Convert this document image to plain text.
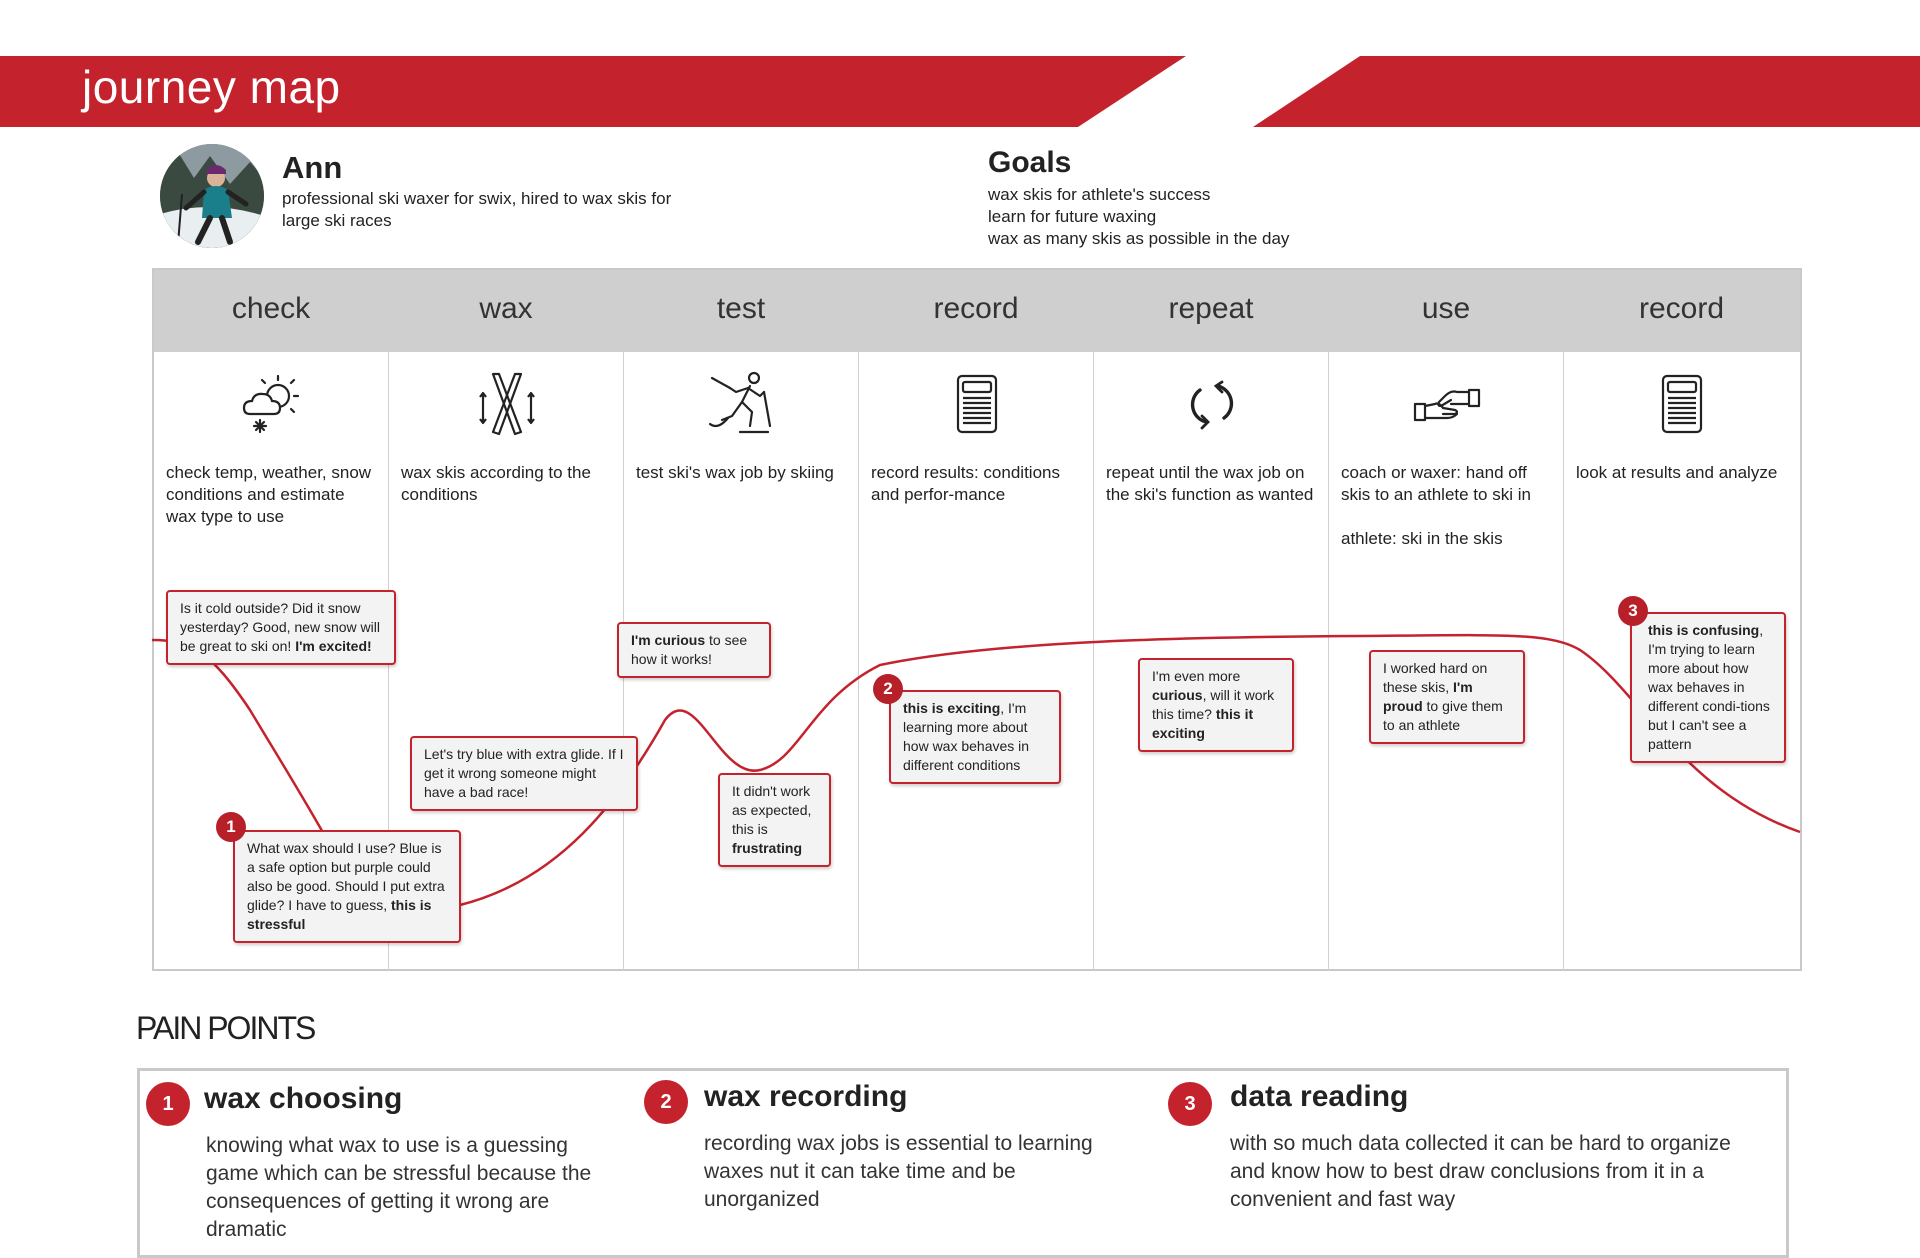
journey map
Ann
professional ski waxer for swix, hired to wax skis for large ski races
Goals
wax skis for athlete's success
learn for future waxing
wax as many skis as possible in the day
check
check temp, weather, snow conditions and estimate wax type to use
wax
wax skis according to the conditions
test
test ski's wax job by skiing
record
record results: conditions and perfor-mance
repeat
repeat until the wax job on the ski's function as wanted
use
coach or waxer: hand off skis to an athlete to ski in

athlete: ski in the skis
record
look at results and analyze
Is it cold outside? Did it snow yesterday? Good, new snow will be great to ski on! I'm excited!
What wax should I use? Blue is a safe option but purple could also be good. Should I put extra glide? I have to guess, this is stressful
1
Let's try blue with extra glide. If I get it wrong someone might have a bad race!
I'm curious to see how it works!
It didn't work as expected, this is frustrating
this is exciting, I'm learning more about how wax behaves in different conditions
2
I'm even more curious, will it work this time? this it exciting
I worked hard on these skis, I'm proud to give them to an athlete
this is confusing, I'm trying to learn more about how wax behaves in different condi-tions but I can't see a pattern
3
PAIN POINTS
1	wax choosing
knowing what wax to use is a guessing game which can be stressful because the consequences of getting it wrong are dramatic
2	wax recording
recording wax jobs is essential to learning waxes nut it can take time and be unorganized
3	data reading
with so much data collected it can be hard to organize and know how to best draw conclusions from it in a convenient and fast way
